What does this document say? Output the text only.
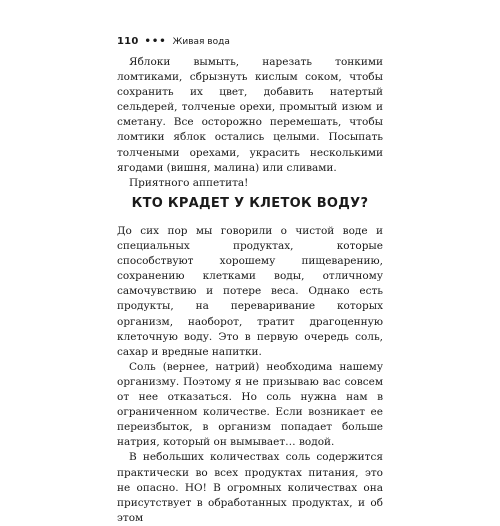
110 ••• Живая вода

Яблоки вымыть, нарезать тонкими ломтиками, сбрызнуть кислым соком, чтобы сохранить их цвет, добавить натертый сельдерей, толченые орехи, промытый изюм и сметану. Все осторожно перемешать, чтобы ломтики яблок остались целыми. Посыпать толчеными орехами, украсить несколькими ягодами (вишня, малина) или сливами.

Приятного аппетита!

КТО КРАДЕТ У КЛЕТОК ВОДУ?

До сих пор мы говорили о чистой воде и специальных продуктах, которые способствуют хорошему пищеварению, сохранению клетками воды, отличному самочувствию и потере веса. Однако есть продукты, на переваривание которых организм, наоборот, тратит драгоценную клеточную воду. Это в первую очередь соль, сахар и вредные напитки.

Соль (вернее, натрий) необходима нашему организму. Поэтому я не призываю вас совсем от нее отказаться. Но соль нужна нам в ограниченном количестве. Если возникает ее переизбыток, в организм попадает больше натрия, который он вымывает… водой.

В небольших количествах соль содержится практически во всех продуктах питания, это не опасно. НО! В огромных количествах она присутствует в обработанных продуктах, и об этом
